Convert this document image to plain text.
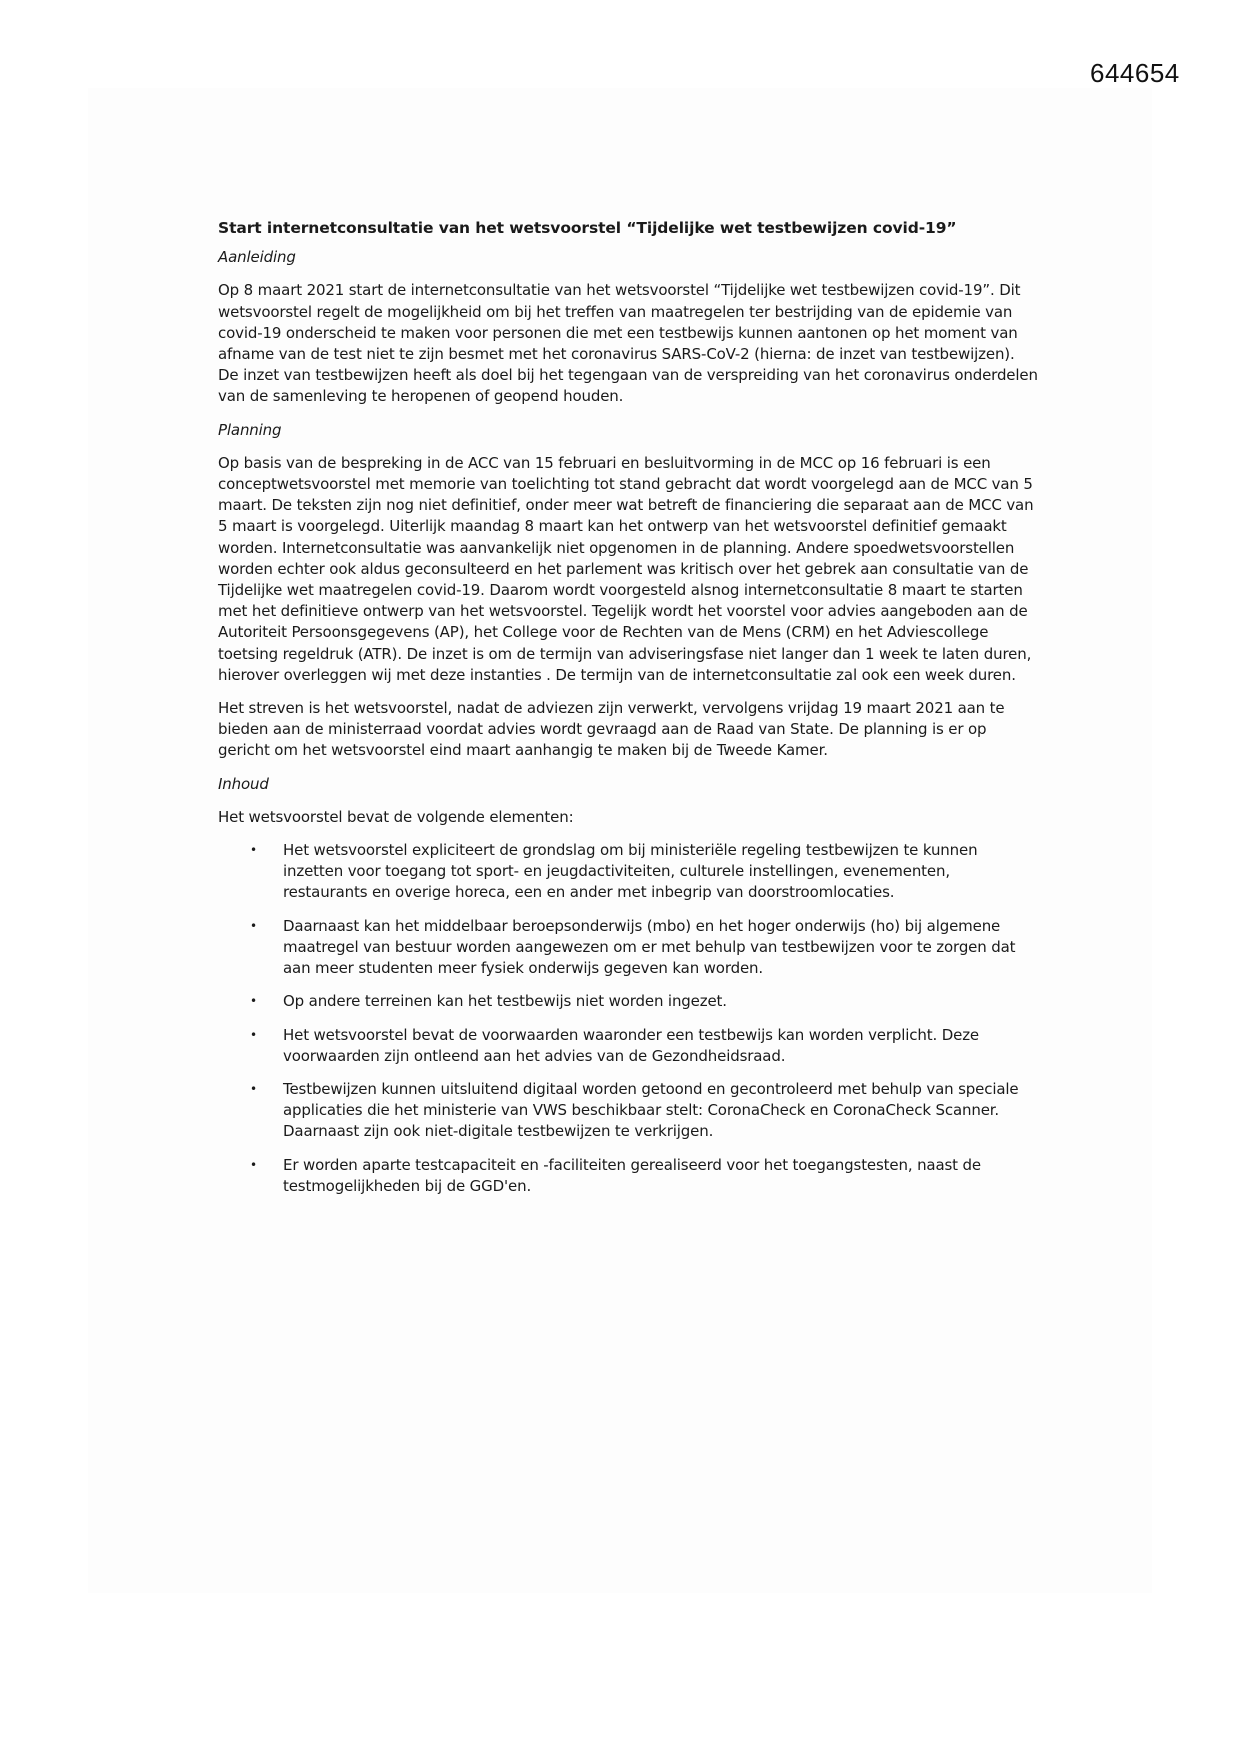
644654
Start internetconsultatie van het wetsvoorstel “Tijdelijke wet testbewijzen covid-19”

Aanleiding

Op 8 maart 2021 start de internetconsultatie van het wetsvoorstel “Tijdelijke wet testbewijzen covid-19”. Dit wetsvoorstel regelt de mogelijkheid om bij het treffen van maatregelen ter bestrijding van de epidemie van covid-19 onderscheid te maken voor personen die met een testbewijs kunnen aantonen op het moment van afname van de test niet te zijn besmet met het coronavirus SARS-CoV-2 (hierna: de inzet van testbewijzen). De inzet van testbewijzen heeft als doel bij het tegengaan van de verspreiding van het coronavirus onderdelen van de samenleving te heropenen of geopend houden.

Planning

Op basis van de bespreking in de ACC van 15 februari en besluitvorming in de MCC op 16 februari is een conceptwetsvoorstel met memorie van toelichting tot stand gebracht dat wordt voorgelegd aan de MCC van 5 maart. De teksten zijn nog niet definitief, onder meer wat betreft de financiering die separaat aan de MCC van 5 maart is voorgelegd. Uiterlijk maandag 8 maart kan het ontwerp van het wetsvoorstel definitief gemaakt worden. Internetconsultatie was aanvankelijk niet opgenomen in de planning. Andere spoedwetsvoorstellen worden echter ook aldus geconsulteerd en het parlement was kritisch over het gebrek aan consultatie van de Tijdelijke wet maatregelen covid-19. Daarom wordt voorgesteld alsnog internetconsultatie 8 maart te starten met het definitieve ontwerp van het wetsvoorstel. Tegelijk wordt het voorstel voor advies aangeboden aan de Autoriteit Persoonsgegevens (AP), het College voor de Rechten van de Mens (CRM) en het Adviescollege toetsing regeldruk (ATR). De inzet is om de termijn van adviseringsfase niet langer dan 1 week te laten duren, hierover overleggen wij met deze instanties . De termijn van de internetconsultatie zal ook een week duren.

Het streven is het wetsvoorstel, nadat de adviezen zijn verwerkt, vervolgens vrijdag 19 maart 2021 aan te bieden aan de ministerraad voordat advies wordt gevraagd aan de Raad van State. De planning is er op gericht om het wetsvoorstel eind maart aanhangig te maken bij de Tweede Kamer.

Inhoud

Het wetsvoorstel bevat de volgende elementen:

• Het wetsvoorstel expliciteert de grondslag om bij ministeriële regeling testbewijzen te kunnen inzetten voor toegang tot sport- en jeugdactiviteiten, culturele instellingen, evenementen, restaurants en overige horeca, een en ander met inbegrip van doorstroomlocaties.
• Daarnaast kan het middelbaar beroepsonderwijs (mbo) en het hoger onderwijs (ho) bij algemene maatregel van bestuur worden aangewezen om er met behulp van testbewijzen voor te zorgen dat aan meer studenten meer fysiek onderwijs gegeven kan worden.
• Op andere terreinen kan het testbewijs niet worden ingezet.
• Het wetsvoorstel bevat de voorwaarden waaronder een testbewijs kan worden verplicht. Deze voorwaarden zijn ontleend aan het advies van de Gezondheidsraad.
• Testbewijzen kunnen uitsluitend digitaal worden getoond en gecontroleerd met behulp van speciale applicaties die het ministerie van VWS beschikbaar stelt: CoronaCheck en CoronaCheck Scanner. Daarnaast zijn ook niet-digitale testbewijzen te verkrijgen.
• Er worden aparte testcapaciteit en -faciliteiten gerealiseerd voor het toegangstesten, naast de testmogelijkheden bij de GGD'en.
